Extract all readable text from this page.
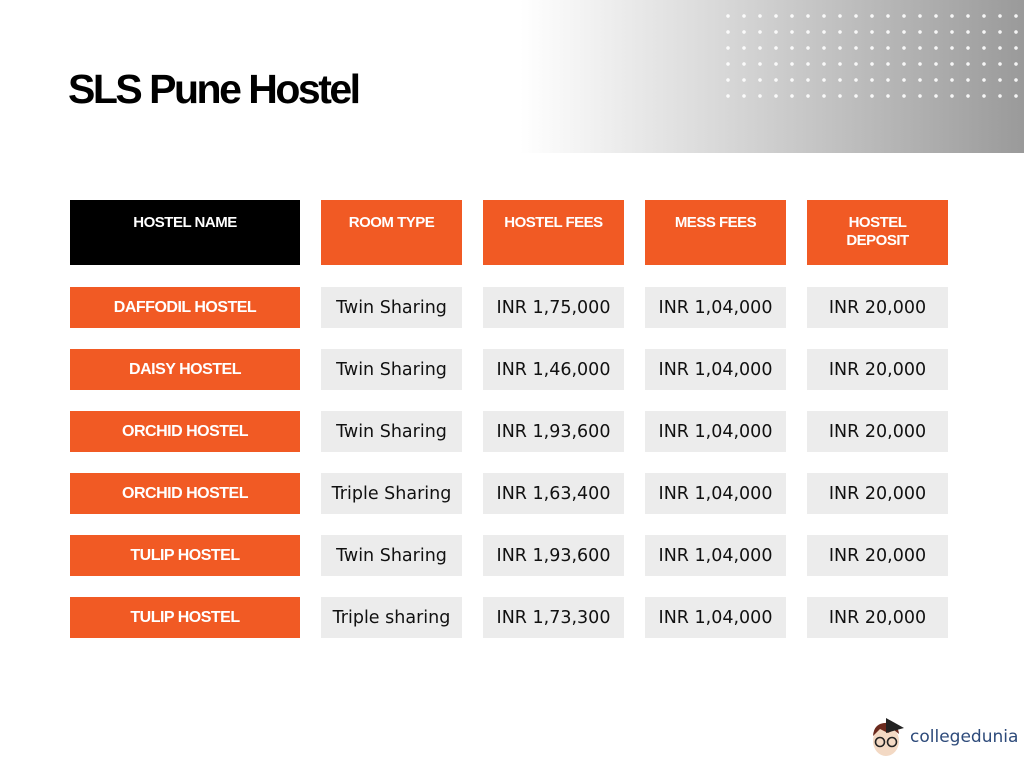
SLS Pune Hostel
HOSTEL NAME	ROOM TYPE	HOSTEL FEES	MESS FEES	HOSTEL DEPOSIT
DAFFODIL HOSTEL	Twin Sharing	INR 1,75,000	INR 1,04,000	INR 20,000
DAISY HOSTEL	Twin Sharing	INR 1,46,000	INR 1,04,000	INR 20,000
ORCHID HOSTEL	Twin Sharing	INR 1,93,600	INR 1,04,000	INR 20,000
ORCHID HOSTEL	Triple Sharing	INR 1,63,400	INR 1,04,000	INR 20,000
TULIP HOSTEL	Twin Sharing	INR 1,93,600	INR 1,04,000	INR 20,000
TULIP HOSTEL	Triple sharing	INR 1,73,300	INR 1,04,000	INR 20,000
collegedunia
